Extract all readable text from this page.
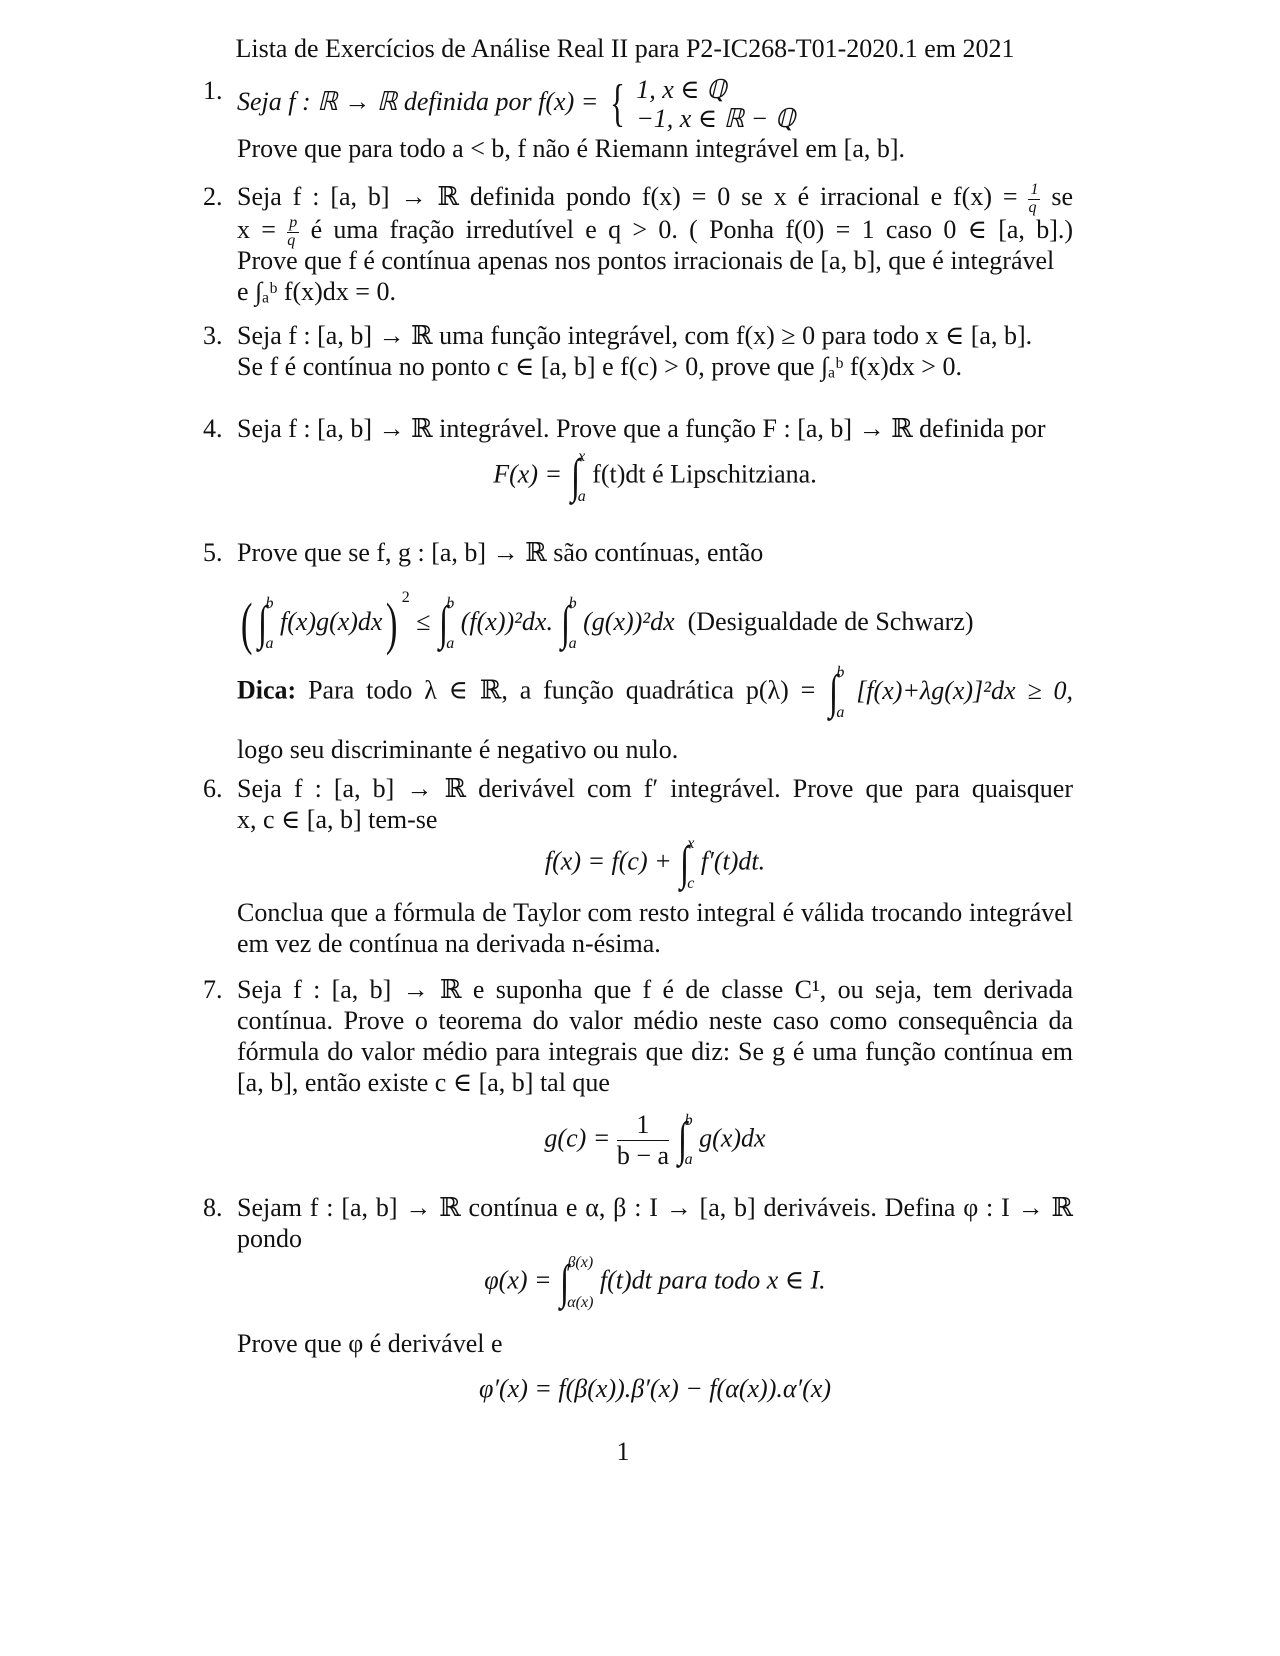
Lista de Exercícios de Análise Real II para P2-IC268-T01-2020.1 em 2021
1. Seja f : ℝ → ℝ definida por f(x) = { 1, x ∈ ℚ
−1, x ∈ ℝ − ℚ
Prove que para todo a < b, f não é Riemann integrável em [a, b].
2. Seja f : [a, b] → ℝ definida pondo f(x) = 0 se x é irracional e $f(x) = \frac{1}{q}$ se
$x = \frac{p}{q}$ é uma fração irredutível e q > 0. ( Ponha f(0) = 1 caso 0 ∈ [a, b].)
Prove que f é contínua apenas nos pontos irracionais de [a, b], que é integrável
e ∫ₐᵇ f(x)dx = 0.
3. Seja f : [a, b] → ℝ uma função integrável, com f(x) ≥ 0 para todo x ∈ [a, b].
Se f é contínua no ponto c ∈ [a, b] e f(c) > 0, prove que ∫ₐᵇ f(x)dx > 0.
4. Seja f : [a, b] → ℝ integrável. Prove que a função F : [a, b] → ℝ definida por
F(x) = ∫
x
a
f(t)dt é Lipschitziana.
5. Prove que se f, g : [a, b] → ℝ são contínuas, então
( ∫
b
a
f(x)g(x)dx) $^2$ ≤ ∫
b
a
(f(x))²dx. ∫
b
a
(g(x))²dx (Desigualdade de Schwarz)
Dica: Para todo λ ∈ ℝ, a função quadrática p(λ) = ∫
b
a
[f(x)+λg(x)]²dx ≥ 0,
logo seu discriminante é negativo ou nulo.
6. Seja f : [a, b] → ℝ derivável com f′ integrável. Prove que para quaisquer
x, c ∈ [a, b] tem-se
f(x) = f(c) + ∫
x
c
f′(t)dt.
Conclua que a fórmula de Taylor com resto integral é válida trocando integrável
em vez de contínua na derivada n-ésima.
7. Seja f : [a, b] → ℝ e suponha que f é de classe C¹, ou seja, tem derivada
contínua. Prove o teorema do valor médio neste caso como consequência da
fórmula do valor médio para integrais que diz: Se g é uma função contínua em
[a, b], então existe c ∈ [a, b] tal que
$g(c) = \frac{1}{b - a}$ ∫
b
a
g(x)dx
8. Sejam f : [a, b] → ℝ contínua e α, β : I → [a, b] deriváveis. Defina φ : I → ℝ
pondo
φ(x) = ∫
β(x)
α(x)
f(t)dt para todo x ∈ I.
Prove que φ é derivável e
φ′(x) = f(β(x)).β′(x) − f(α(x)).α′(x)
1
